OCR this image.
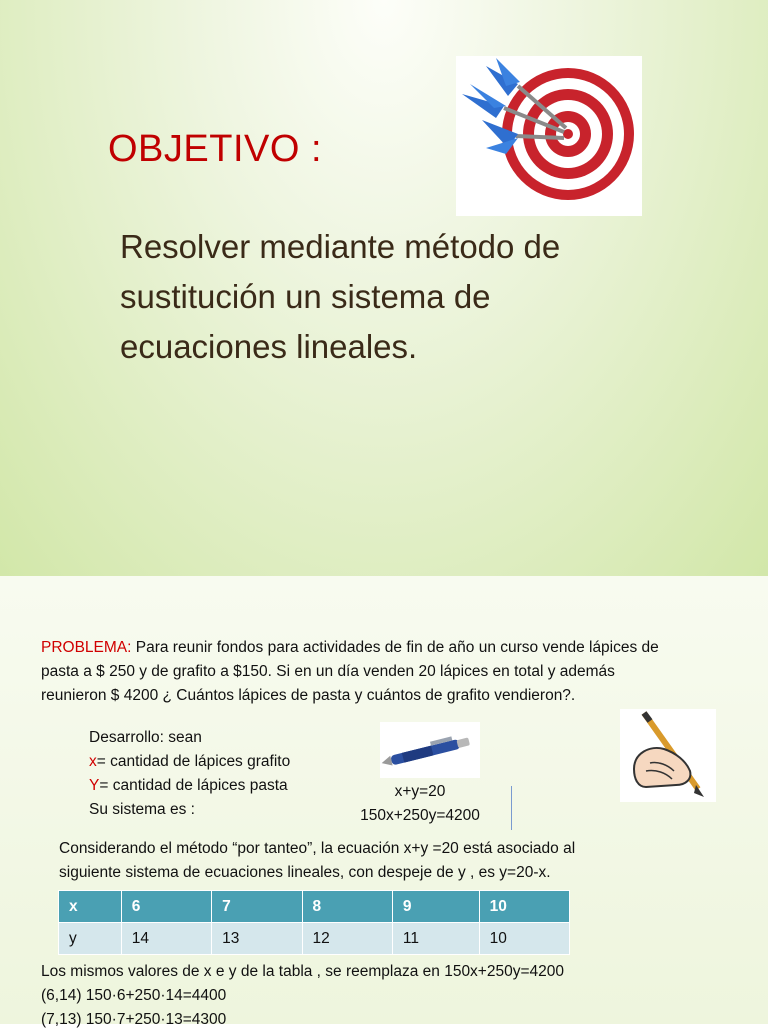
OBJETIVO :
Resolver mediante método de
sustitución un sistema de
ecuaciones lineales.
PROBLEMA: Para reunir fondos para actividades de fin de año un curso vende lápices de
pasta a $ 250 y de grafito a $150. Si en un día venden 20 lápices en total y además
reunieron $ 4200 ¿ Cuántos lápices de pasta y cuántos de grafito vendieron?.
Desarrollo: sean
x= cantidad de lápices grafito
Y= cantidad de lápices pasta
Su sistema es :
x+y=20
150x+250y=4200
Considerando el método “por tanteo”, la ecuación x+y =20 está asociado al
siguiente sistema de ecuaciones lineales, con despeje de y , es y=20-x.
x	6	7	8	9	10
y	14	13	12	11	10
Los mismos valores de x e y de la tabla , se reemplaza en 150x+250y=4200
(6,14) 150·6+250·14=4400
(7,13) 150·7+250·13=4300
